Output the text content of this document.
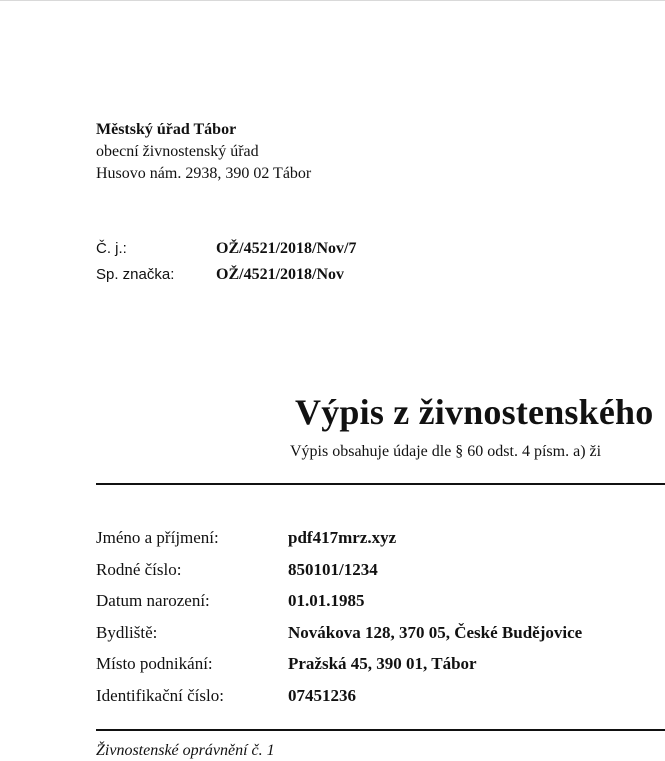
Městský úřad Tábor
obecní živnostenský úřad
Husovo nám. 2938, 390 02 Tábor
Č. j.:	OŽ/4521/2018/Nov/7
Sp. značka:	OŽ/4521/2018/Nov
Výpis z živnostenského
Výpis obsahuje údaje dle § 60 odst. 4 písm. a) ži
Jméno a příjmení:	pdf417mrz.xyz
Rodné číslo:	850101/1234
Datum narození:	01.01.1985
Bydliště:	Novákova 128, 370 05, České Budějovice
Místo podnikání:	Pražská 45, 390 01, Tábor
Identifikační číslo:	07451236
Živnostenské oprávnění č. 1
